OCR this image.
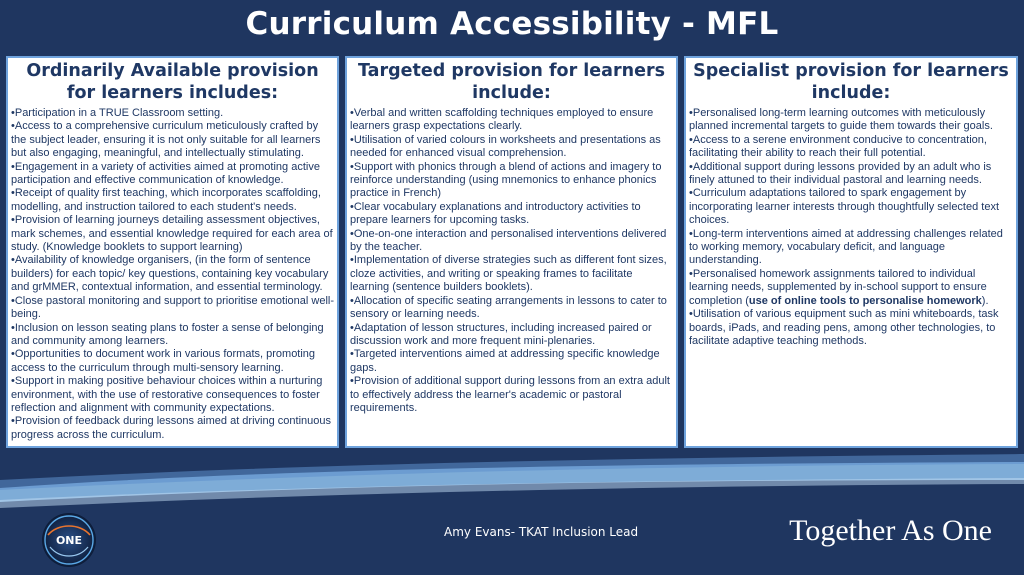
Curriculum Accessibility - MFL
Ordinarily Available provision for learners includes:
•Participation in a TRUE Classroom setting.
•Access to a comprehensive curriculum meticulously crafted by the subject leader, ensuring it is not only suitable for all learners but also engaging, meaningful, and intellectually stimulating.
•Engagement in a variety of activities aimed at promoting active participation and effective communication of knowledge.
•Receipt of quality first teaching, which incorporates scaffolding, modelling, and instruction tailored to each student's needs.
•Provision of learning journeys detailing assessment objectives, mark schemes, and essential knowledge required for each area of study. (Knowledge booklets to support learning)
•Availability of knowledge organisers, (in the form of sentence builders) for each topic/ key questions, containing key vocabulary and grMMER, contextual information, and essential terminology.
•Close pastoral monitoring and support to prioritise emotional well-being.
•Inclusion on lesson seating plans to foster a sense of belonging and community among learners.
•Opportunities to document work in various formats, promoting access to the curriculum through multi-sensory learning.
•Support in making positive behaviour choices within a nurturing environment, with the use of restorative consequences to foster reflection and alignment with community expectations.
•Provision of feedback during lessons aimed at driving continuous progress across the curriculum.
Targeted provision for learners include:
•Verbal and written scaffolding techniques employed to ensure learners grasp expectations clearly.
•Utilisation of varied colours in worksheets and presentations as needed for enhanced visual comprehension.
•Support with phonics through a blend of actions and imagery to reinforce understanding (using mnemonics to enhance phonics practice in French)
•Clear vocabulary explanations and introductory activities to prepare learners for upcoming tasks.
•One-on-one interaction and personalised interventions delivered by the teacher.
•Implementation of diverse strategies such as different font sizes, cloze activities, and writing or speaking frames to facilitate learning (sentence builders booklets).
•Allocation of specific seating arrangements in lessons to cater to sensory or learning needs.
•Adaptation of lesson structures, including increased paired or discussion work and more frequent mini-plenaries.
•Targeted interventions aimed at addressing specific knowledge gaps.
•Provision of additional support during lessons from an extra adult to effectively address the learner's academic or pastoral requirements.
Specialist provision for learners include:
•Personalised long-term learning outcomes with meticulously planned incremental targets to guide them towards their goals.
•Access to a serene environment conducive to concentration, facilitating their ability to reach their full potential.
•Additional support during lessons provided by an adult who is finely attuned to their individual pastoral and learning needs.
•Curriculum adaptations tailored to spark engagement by incorporating learner interests through thoughtfully selected text choices.
•Long-term interventions aimed at addressing challenges related to working memory, vocabulary deficit, and language understanding.
•Personalised homework assignments tailored to individual learning needs, supplemented by in-school support to ensure completion (use of online tools to personalise homework).
•Utilisation of various equipment such as mini whiteboards, task boards, iPads, and reading pens, among other technologies, to facilitate adaptive teaching methods.
ONE
Amy Evans- TKAT Inclusion Lead	Together As One
